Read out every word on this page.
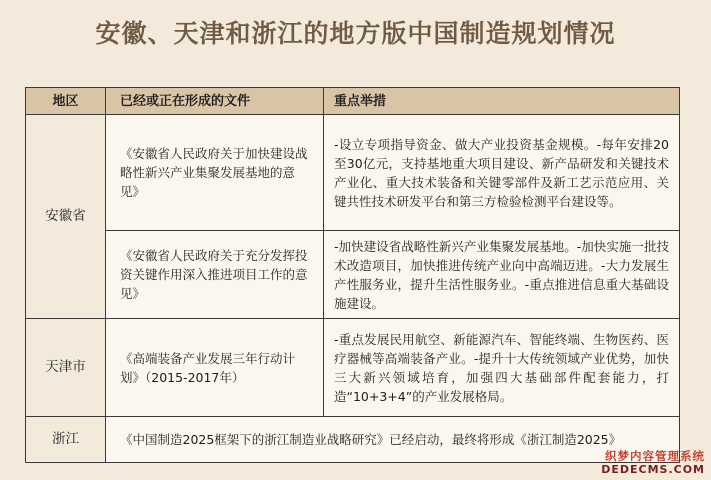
安徽、天津和浙江的地方版中国制造规划情况
地区	已经或正在形成的文件	重点举措
安徽省	《安徽省人民政府关于加快建设战略性新兴产业集聚发展基地的意见》	-设立专项指导资金、做大产业投资基金规模。-每年安排20至30亿元，支持基地重大项目建设、新产品研发和关键技术产业化、重大技术装备和关键零部件及新工艺示范应用、关键共性技术研发平台和第三方检验检测平台建设等。
	《安徽省人民政府关于充分发挥投资关键作用深入推进项目工作的意见》	-加快建设省战略性新兴产业集聚发展基地。-加快实施一批技术改造项目，加快推进传统产业向中高端迈进。-大力发展生产性服务业，提升生活性服务业。-重点推进信息重大基础设施建设。
天津市	《高端装备产业发展三年行动计划》（2015-2017年）	-重点发展民用航空、新能源汽车、智能终端、生物医药、医疗器械等高端装备产业。-提升十大传统领域产业优势，加快三大新兴领域培育，加强四大基础部件配套能力，打造“10+3+4”的产业发展格局。
浙江	《中国制造2025框架下的浙江制造业战略研究》已经启动，最终将形成《浙江制造2025》	
织梦内容管理系统
DEDECMS.COM
